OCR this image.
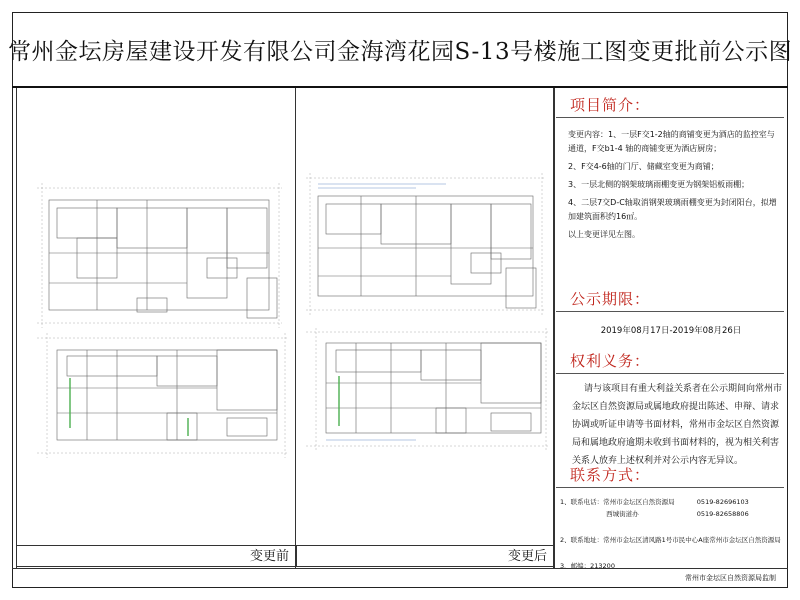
常州金坛房屋建设开发有限公司金海湾花园S-13号楼施工图变更批前公示图
变更前	变更后
项目简介：

变更内容：1、一层F交1-2轴的商铺变更为酒店的监控室与通道，F交b1-4 轴的商铺变更为酒店厨房；

2、F交4-6轴的门厅、储藏室变更为商铺；

3、一层北侧的钢架玻璃雨棚变更为钢架铝板雨棚；

4、二层7交D-C轴取消钢架玻璃雨棚变更为封闭阳台，拟增加建筑面积约16㎡。

以上变更详见左图。

公示期限：
2019年08月17日-2019年08月26日
权利义务：
请与该项目有重大利益关系者在公示期间向常州市金坛区自然资源局或属地政府提出陈述、申辩、请求协调或听证申请等书面材料，常州市金坛区自然资源局和属地政府逾期未收到书面材料的，视为相关利害关系人放弃上述权利并对公示内容无异议。
联系方式：
1、联系电话：常州市金坛区自然资源局	0519-82696103
西城街道办	0519-82658806
2、联系地址：常州市金坛区清风路1号市民中心A座常州市金坛区自然资源局
3、邮编：213200
常州市金坛区自然资源局监制
